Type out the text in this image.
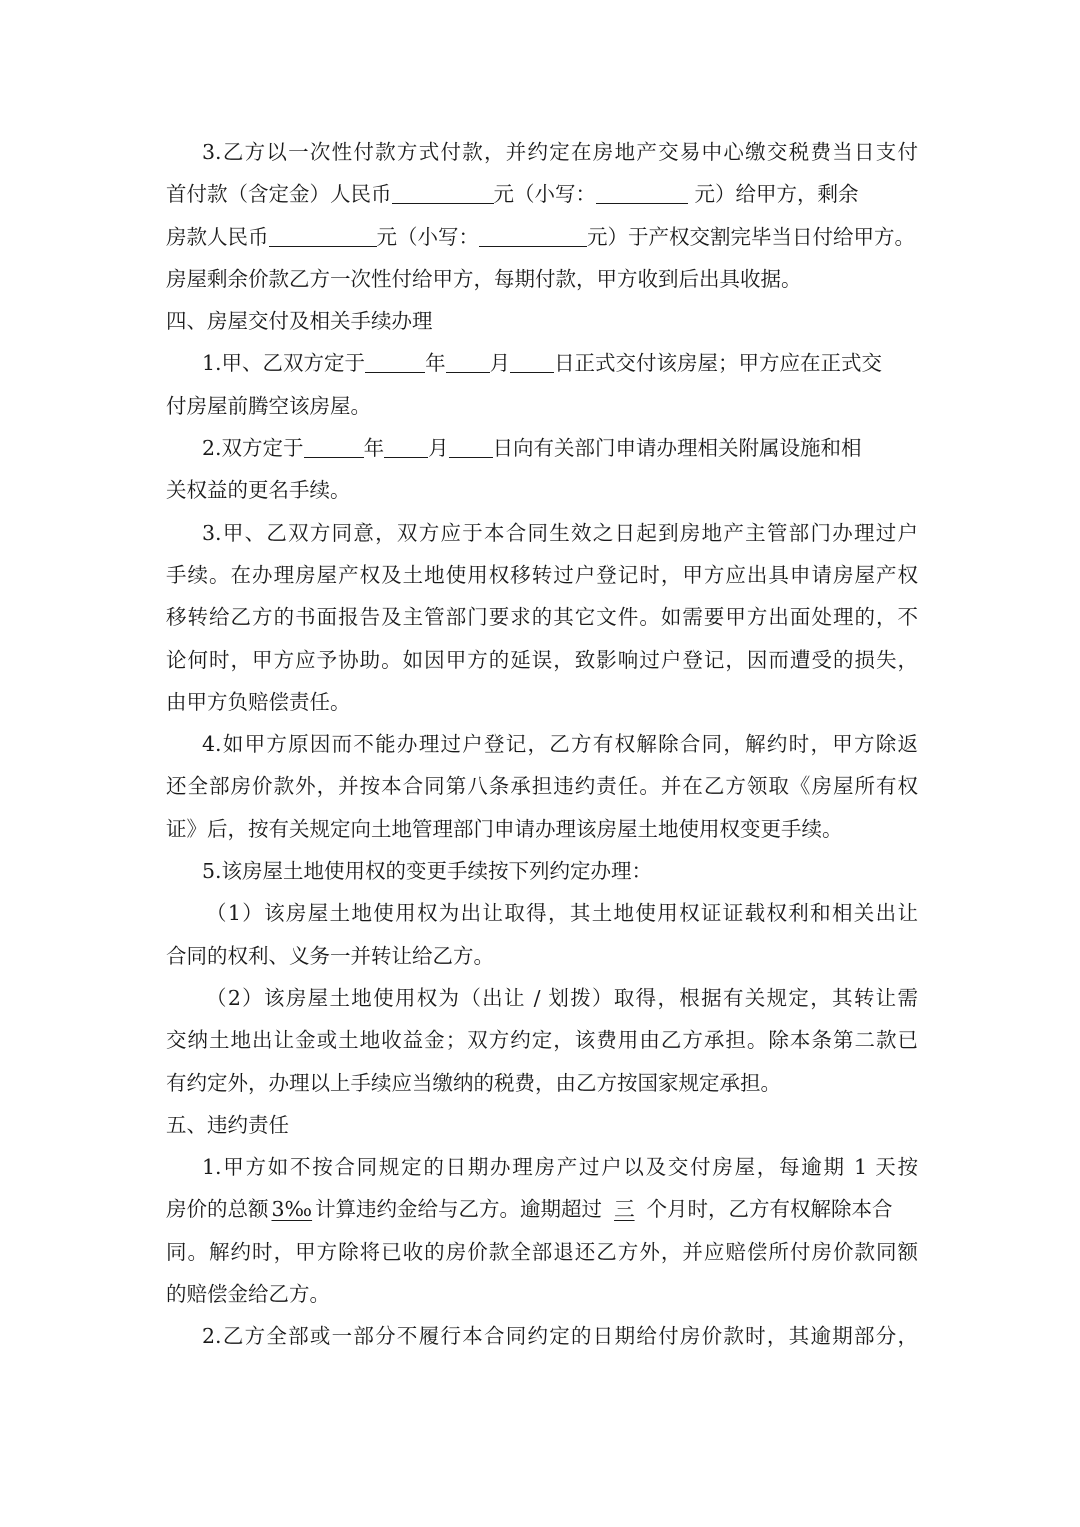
3.乙方以一次性付款方式付款，并约定在房地产交易中心缴交税费当日支付
首付款（含定金）人民币	元（小写：	元）给甲方，剩余
房款人民币	元（小写：	元）于产权交割完毕当日付给甲方。
房屋剩余价款乙方一次性付给甲方，每期付款，甲方收到后出具收据。
四、房屋交付及相关手续办理
1.甲、乙双方定于	年 月 日正式交付该房屋；甲方应在正式交
付房屋前腾空该房屋。
2.双方定于	年 月 日向有关部门申请办理相关附属设施和相
关权益的更名手续。
3.甲、乙双方同意，双方应于本合同生效之日起到房地产主管部门办理过户
手续。在办理房屋产权及土地使用权移转过户登记时，甲方应出具申请房屋产权
移转给乙方的书面报告及主管部门要求的其它文件。如需要甲方出面处理的，不
论何时，甲方应予协助。如因甲方的延误，致影响过户登记，因而遭受的损失，
由甲方负赔偿责任。
4.如甲方原因而不能办理过户登记，乙方有权解除合同，解约时，甲方除返
还全部房价款外，并按本合同第八条承担违约责任。并在乙方领取《房屋所有权
证》后，按有关规定向土地管理部门申请办理该房屋土地使用权变更手续。
5.该房屋土地使用权的变更手续按下列约定办理：
（1）该房屋土地使用权为出让取得，其土地使用权证证载权利和相关出让
合同的权利、义务一并转让给乙方。
（2）该房屋土地使用权为（出让 / 划拨）取得，根据有关规定，其转让需
交纳土地出让金或土地收益金；双方约定，该费用由乙方承担。除本条第二款已
有约定外，办理以上手续应当缴纳的税费，由乙方按国家规定承担。
五、违约责任
1.甲方如不按合同规定的日期办理房产过户以及交付房屋，每逾期 1 天按
房价的总额 3‰ 计算违约金给与乙方。逾期超过 三 个月时，乙方有权解除本合
同。解约时，甲方除将已收的房价款全部退还乙方外，并应赔偿所付房价款同额
的赔偿金给乙方。
2.乙方全部或一部分不履行本合同约定的日期给付房价款时，其逾期部分，
